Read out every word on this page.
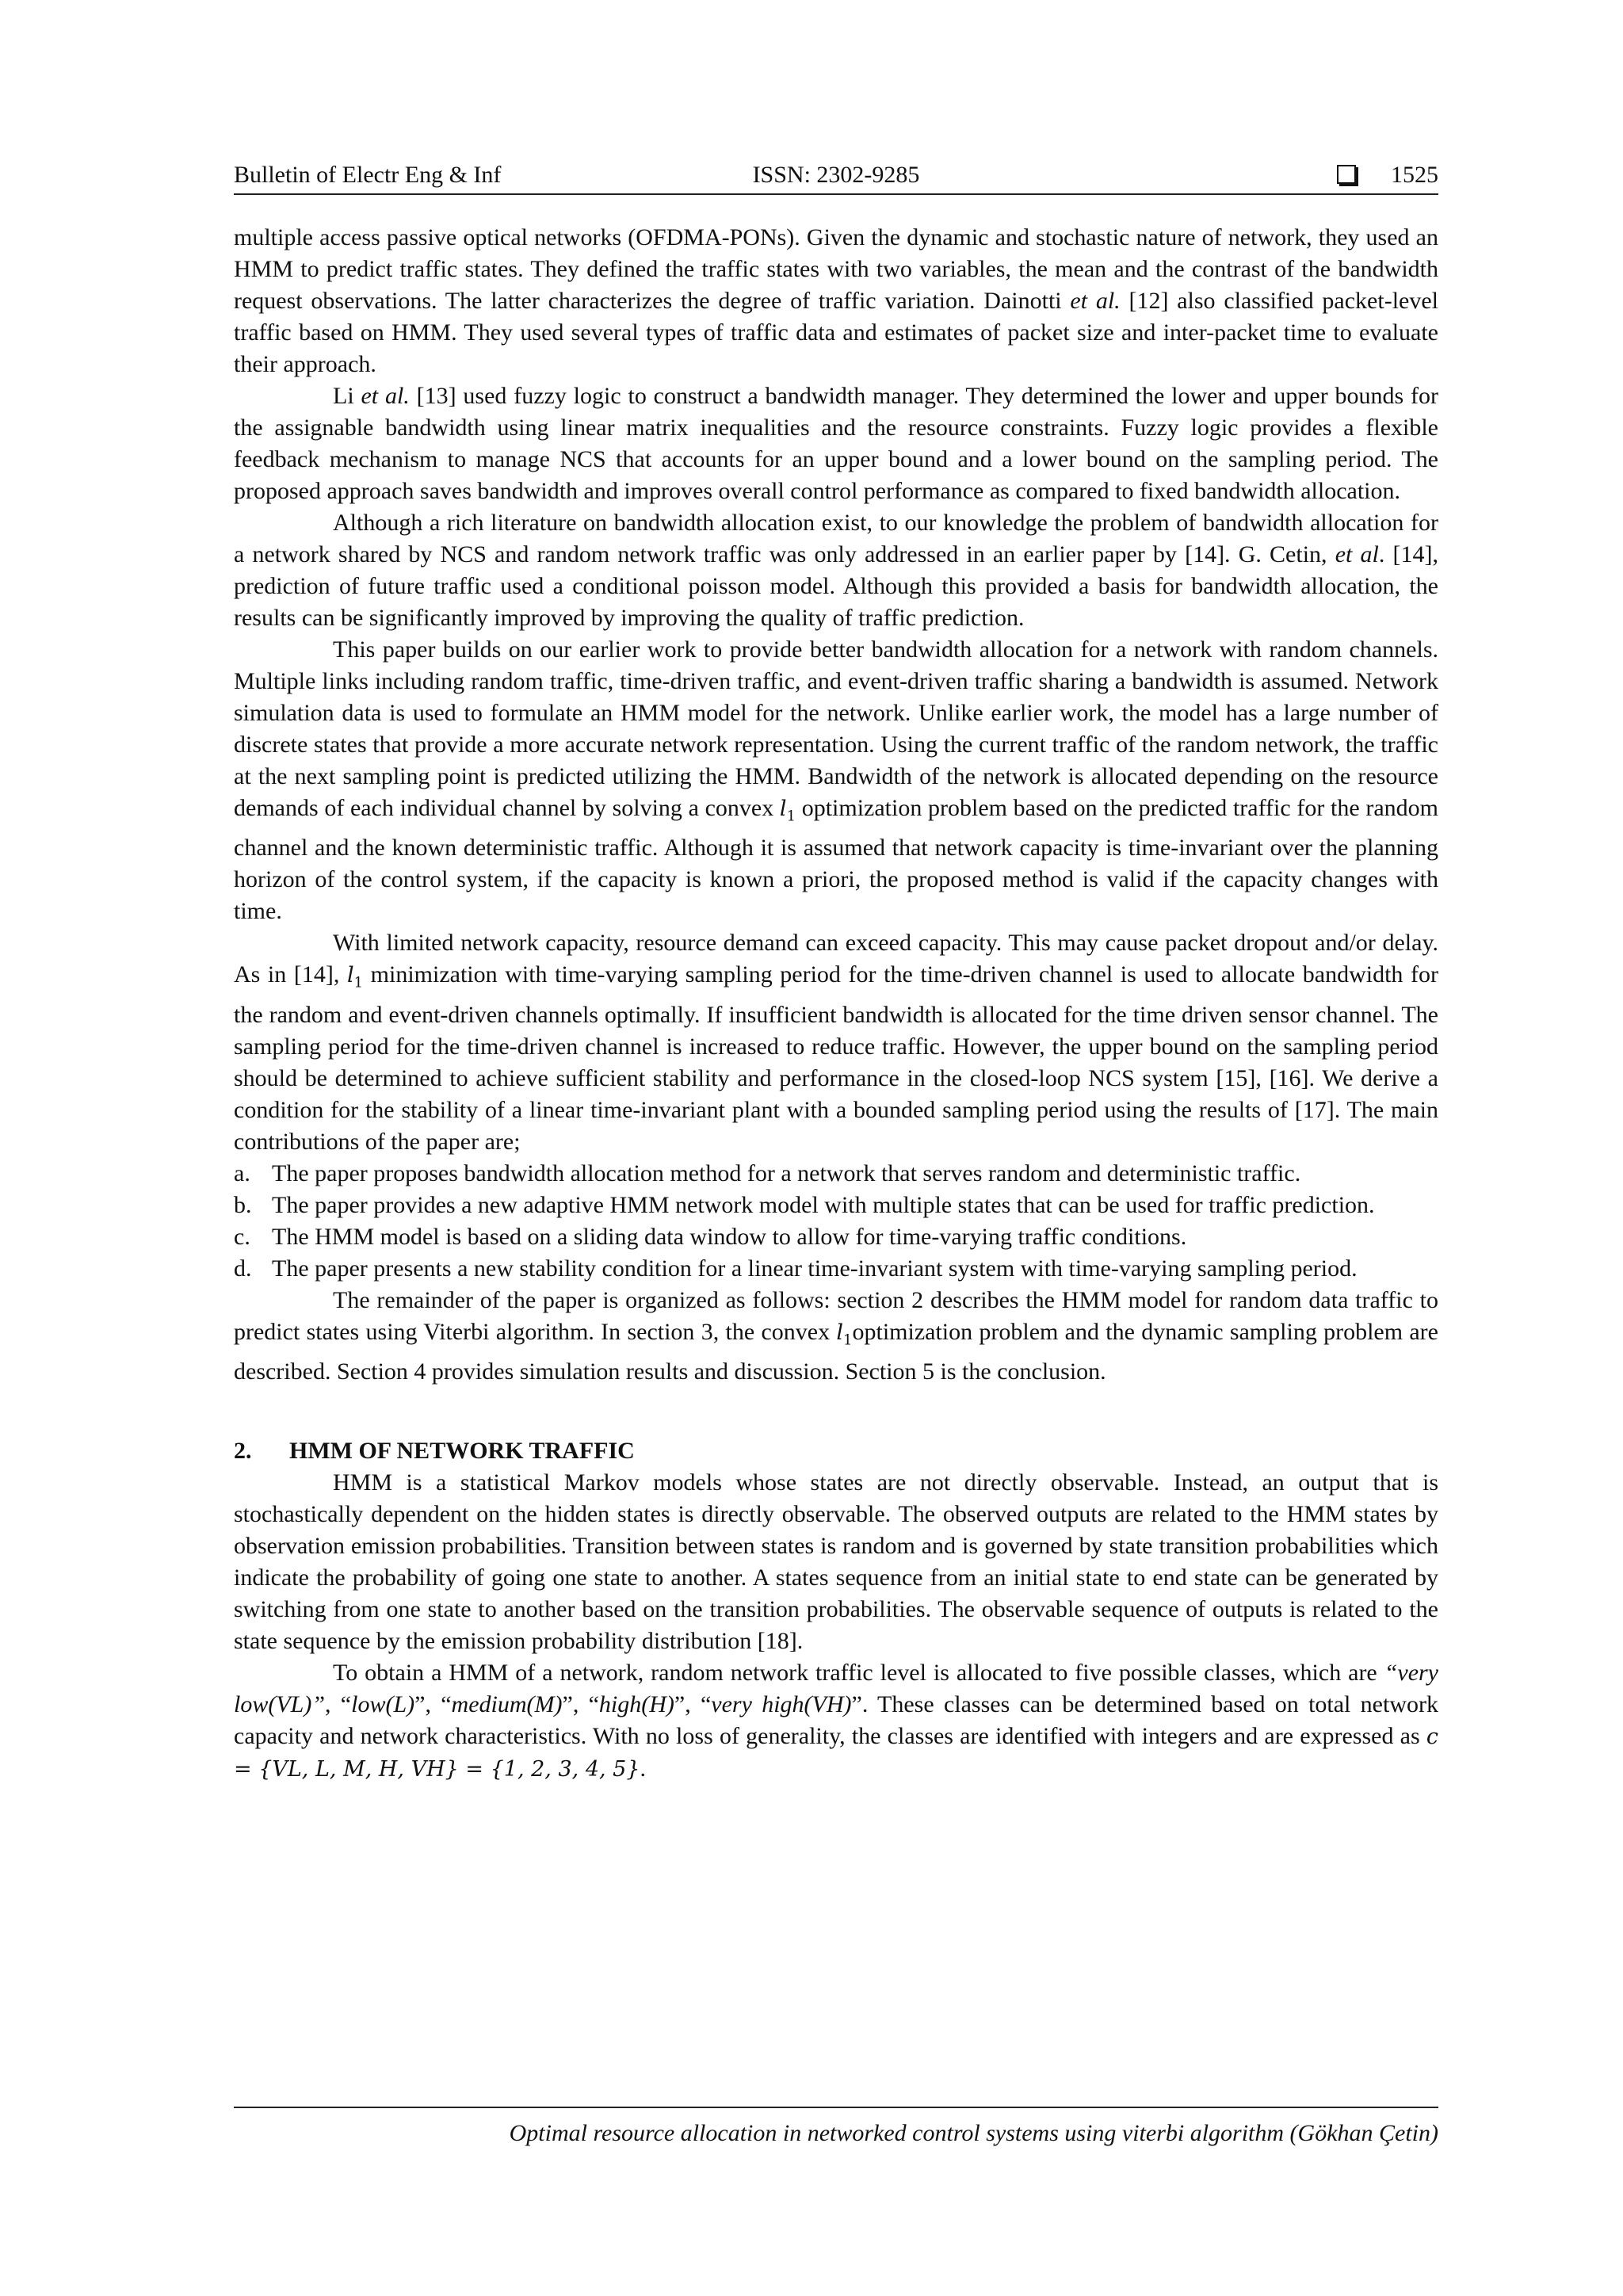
Bulletin of Electr Eng & Inf	ISSN: 2302-9285	1525

multiple access passive optical networks (OFDMA-PONs). Given the dynamic and stochastic nature of network, they used an HMM to predict traffic states. They defined the traffic states with two variables, the mean and the contrast of the bandwidth request observations. The latter characterizes the degree of traffic variation. Dainotti et al. [12] also classified packet-level traffic based on HMM. They used several types of traffic data and estimates of packet size and inter-packet time to evaluate their approach.

Li et al. [13] used fuzzy logic to construct a bandwidth manager. They determined the lower and upper bounds for the assignable bandwidth using linear matrix inequalities and the resource constraints. Fuzzy logic provides a flexible feedback mechanism to manage NCS that accounts for an upper bound and a lower bound on the sampling period. The proposed approach saves bandwidth and improves overall control performance as compared to fixed bandwidth allocation.

Although a rich literature on bandwidth allocation exist, to our knowledge the problem of bandwidth allocation for a network shared by NCS and random network traffic was only addressed in an earlier paper by [14]. G. Cetin, et al. [14], prediction of future traffic used a conditional poisson model. Although this provided a basis for bandwidth allocation, the results can be significantly improved by improving the quality of traffic prediction.

This paper builds on our earlier work to provide better bandwidth allocation for a network with random channels. Multiple links including random traffic, time-driven traffic, and event-driven traffic sharing a bandwidth is assumed. Network simulation data is used to formulate an HMM model for the network. Unlike earlier work, the model has a large number of discrete states that provide a more accurate network representation. Using the current traffic of the random network, the traffic at the next sampling point is predicted utilizing the HMM. Bandwidth of the network is allocated depending on the resource demands of each individual channel by solving a convex $l_1$ optimization problem based on the predicted traffic for the random channel and the known deterministic traffic. Although it is assumed that network capacity is time-invariant over the planning horizon of the control system, if the capacity is known a priori, the proposed method is valid if the capacity changes with time.

With limited network capacity, resource demand can exceed capacity. This may cause packet dropout and/or delay. As in [14], $l_1$ minimization with time-varying sampling period for the time-driven channel is used to allocate bandwidth for the random and event-driven channels optimally. If insufficient bandwidth is allocated for the time driven sensor channel. The sampling period for the time-driven channel is increased to reduce traffic. However, the upper bound on the sampling period should be determined to achieve sufficient stability and performance in the closed-loop NCS system [15], [16]. We derive a condition for the stability of a linear time-invariant plant with a bounded sampling period using the results of [17]. The main contributions of the paper are;

a. The paper proposes bandwidth allocation method for a network that serves random and deterministic traffic.
b. The paper provides a new adaptive HMM network model with multiple states that can be used for traffic prediction.
c. The HMM model is based on a sliding data window to allow for time-varying traffic conditions.
d. The paper presents a new stability condition for a linear time-invariant system with time-varying sampling period.

The remainder of the paper is organized as follows: section 2 describes the HMM model for random data traffic to predict states using Viterbi algorithm. In section 3, the convex $l_1optimization$ problem and the dynamic sampling problem are described. Section 4 provides simulation results and discussion. Section 5 is the conclusion.

2. HMM OF NETWORK TRAFFIC

HMM is a statistical Markov models whose states are not directly observable. Instead, an output that is stochastically dependent on the hidden states is directly observable. The observed outputs are related to the HMM states by observation emission probabilities. Transition between states is random and is governed by state transition probabilities which indicate the probability of going one state to another. A states sequence from an initial state to end state can be generated by switching from one state to another based on the transition probabilities. The observable sequence of outputs is related to the state sequence by the emission probability distribution [18].

To obtain a HMM of a network, random network traffic level is allocated to five possible classes, which are “very low(VL)”, “low(L)”, “medium(M)”, “high(H)”, “very high(VH)”. These classes can be determined based on total network capacity and network characteristics. With no loss of generality, the classes are identified with integers and are expressed as c = {VL, L, M, H, VH} = {1, 2, 3, 4, 5}.

Optimal resource allocation in networked control systems using viterbi algorithm (Gökhan Çetin)
